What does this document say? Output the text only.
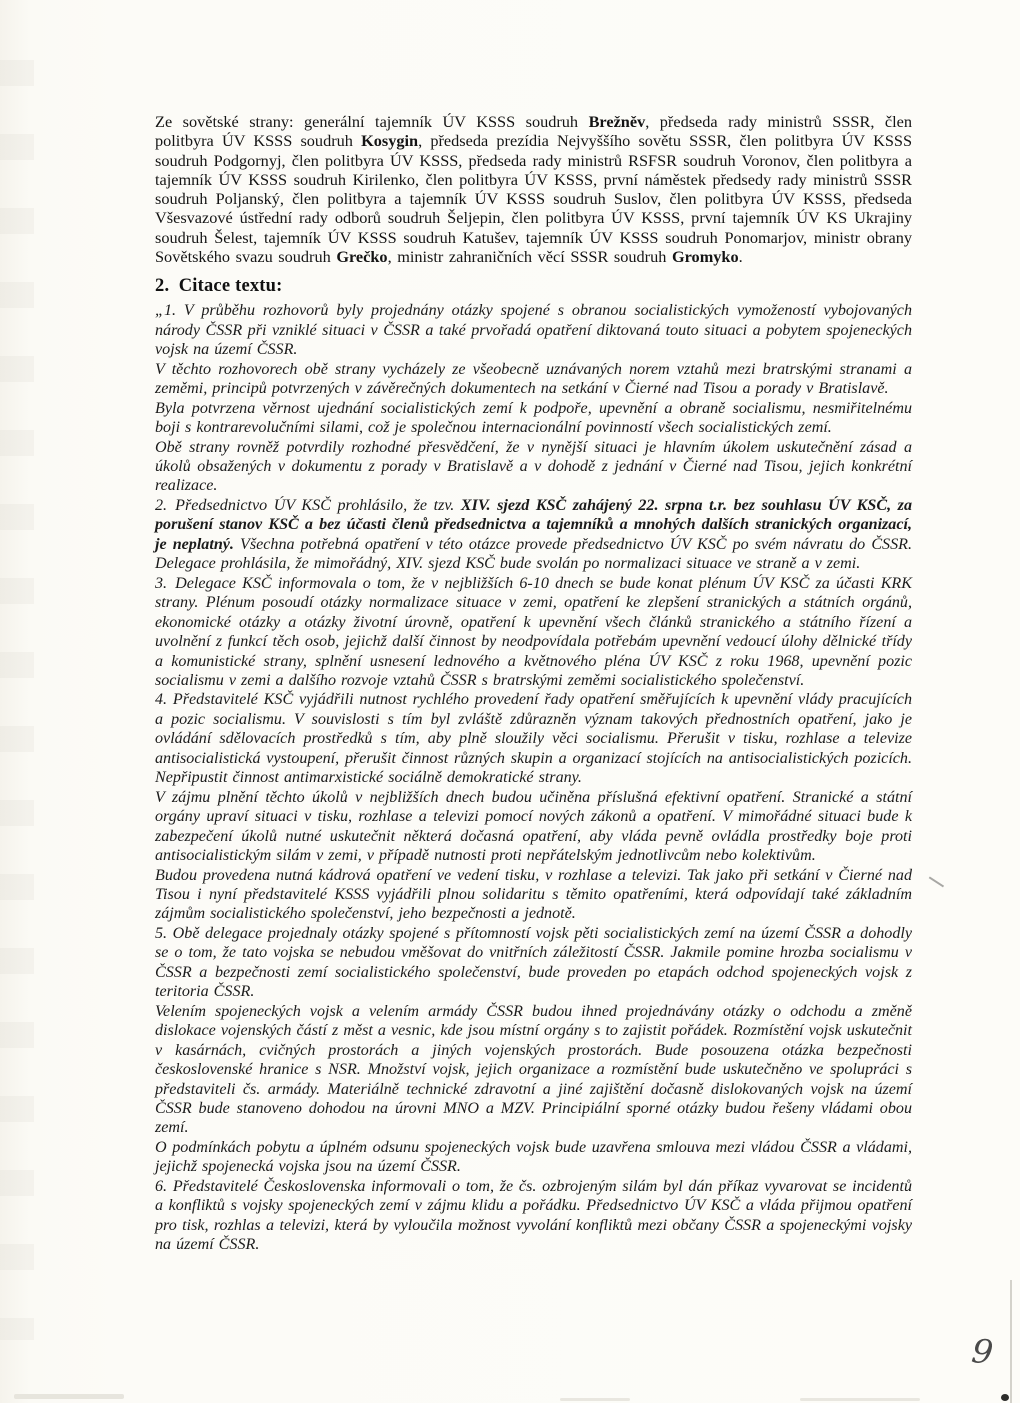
Ze sovětské strany: generální tajemník ÚV KSSS soudruh Brežněv, předseda rady ministrů SSSR, člen politbyra ÚV KSSS soudruh Kosygin, předseda prezídia Nejvyššího sovětu SSSR, člen politbyra ÚV KSSS soudruh Podgornyj, člen politbyra ÚV KSSS, předseda rady ministrů RSFSR soudruh Voronov, člen politbyra a tajemník ÚV KSSS soudruh Kirilenko, člen politbyra ÚV KSSS, první náměstek předsedy rady ministrů SSSR soudruh Poljanský, člen politbyra a tajemník ÚV KSSS soudruh Suslov, člen politbyra ÚV KSSS, předseda Všesvazové ústřední rady odborů soudruh Šeljepin, člen politbyra ÚV KSSS, první tajemník ÚV KS Ukrajiny soudruh Šelest, tajemník ÚV KSSS soudruh Katušev, tajemník ÚV KSSS soudruh Ponomarjov, ministr obrany Sovětského svazu soudruh Grečko, ministr zahraničních věcí SSSR soudruh Gromyko.

2. Citace textu:

„1. V průběhu rozhovorů byly projednány otázky spojené s obranou socialistických vymožeností vybojovaných národy ČSSR při vzniklé situaci v ČSSR a také prvořadá opatření diktovaná touto situaci a pobytem spojeneckých vojsk na území ČSSR.

V těchto rozhovorech obě strany vycházely ze všeobecně uznávaných norem vztahů mezi bratrskými stranami a zeměmi, principů potvrzených v závěrečných dokumentech na setkání v Čierné nad Tisou a porady v Bratislavě.

Byla potvrzena věrnost ujednání socialistických zemí k podpoře, upevnění a obraně socialismu, nesmiřitelnému boji s kontrarevolučními silami, což je společnou internacionální povinností všech socialistických zemí.

Obě strany rovněž potvrdily rozhodné přesvědčení, že v nynější situaci je hlavním úkolem uskutečnění zásad a úkolů obsažených v dokumentu z porady v Bratislavě a v dohodě z jednání v Čierné nad Tisou, jejich konkrétní realizace.

2. Předsednictvo ÚV KSČ prohlásilo, že tzv. XIV. sjezd KSČ zahájený 22. srpna t.r. bez souhlasu ÚV KSČ, za porušení stanov KSČ a bez účasti členů předsednictva a tajemníků a mnohých dalších stranických organizací, je neplatný. Všechna potřebná opatření v této otázce provede předsednictvo ÚV KSČ po svém návratu do ČSSR. Delegace prohlásila, že mimořádný, XIV. sjezd KSČ bude svolán po normalizaci situace ve straně a v zemi.

3. Delegace KSČ informovala o tom, že v nejbližších 6-10 dnech se bude konat plénum ÚV KSČ za účasti KRK strany. Plénum posoudí otázky normalizace situace v zemi, opatření ke zlepšení stranických a státních orgánů, ekonomické otázky a otázky životní úrovně, opatření k upevnění všech článků stranického a státního řízení a uvolnění z funkcí těch osob, jejichž další činnost by neodpovídala potřebám upevnění vedoucí úlohy dělnické třídy a komunistické strany, splnění usnesení lednového a květnového pléna ÚV KSČ z roku 1968, upevnění pozic socialismu v zemi a dalšího rozvoje vztahů ČSSR s bratrskými zeměmi socialistického společenství.

4. Představitelé KSČ vyjádřili nutnost rychlého provedení řady opatření směřujících k upevnění vlády pracujících a pozic socialismu. V souvislosti s tím byl zvláště zdůrazněn význam takových přednostních opatření, jako je ovládání sdělovacích prostředků s tím, aby plně sloužily věci socialismu. Přerušit v tisku, rozhlase a televize antisocialistická vystoupení, přerušit činnost různých skupin a organizací stojících na antisocialistických pozicích. Nepřipustit činnost antimarxistické sociálně demokratické strany.

V zájmu plnění těchto úkolů v nejbližších dnech budou učiněna příslušná efektivní opatření. Stranické a státní orgány upraví situaci v tisku, rozhlase a televizi pomocí nových zákonů a opatření. V mimořádné situaci bude k zabezpečení úkolů nutné uskutečnit některá dočasná opatření, aby vláda pevně ovládla prostředky boje proti antisocialistickým silám v zemi, v případě nutnosti proti nepřátelským jednotlivcům nebo kolektivům.

Budou provedena nutná kádrová opatření ve vedení tisku, v rozhlase a televizi. Tak jako při setkání v Čierné nad Tisou i nyní představitelé KSSS vyjádřili plnou solidaritu s těmito opatřeními, která odpovídají také základním zájmům socialistického společenství, jeho bezpečnosti a jednotě.

5. Obě delegace projednaly otázky spojené s přítomností vojsk pěti socialistických zemí na území ČSSR a dohodly se o tom, že tato vojska se nebudou vměšovat do vnitřních záležitostí ČSSR. Jakmile pomine hrozba socialismu v ČSSR a bezpečnosti zemí socialistického společenství, bude proveden po etapách odchod spojeneckých vojsk z teritoria ČSSR.

Velením spojeneckých vojsk a velením armády ČSSR budou ihned projednávány otázky o odchodu a změně dislokace vojenských částí z měst a vesnic, kde jsou místní orgány s to zajistit pořádek. Rozmístění vojsk uskutečnit v kasárnách, cvičných prostorách a jiných vojenských prostorách. Bude posouzena otázka bezpečnosti československé hranice s NSR. Množství vojsk, jejich organizace a rozmístění bude uskutečněno ve spolupráci s představiteli čs. armády. Materiálně technické zdravotní a jiné zajištění dočasně dislokovaných vojsk na území ČSSR bude stanoveno dohodou na úrovni MNO a MZV. Principiální sporné otázky budou řešeny vládami obou zemí.

O podmínkách pobytu a úplném odsunu spojeneckých vojsk bude uzavřena smlouva mezi vládou ČSSR a vládami, jejichž spojenecká vojska jsou na území ČSSR.

6. Představitelé Československa informovali o tom, že čs. ozbrojeným silám byl dán příkaz vyvarovat se incidentů a konfliktů s vojsky spojeneckých zemí v zájmu klidu a pořádku. Předsednictvo ÚV KSČ a vláda přijmou opatření pro tisk, rozhlas a televizi, která by vyloučila možnost vyvolání konfliktů mezi občany ČSSR a spojeneckými vojsky na území ČSSR.

9
